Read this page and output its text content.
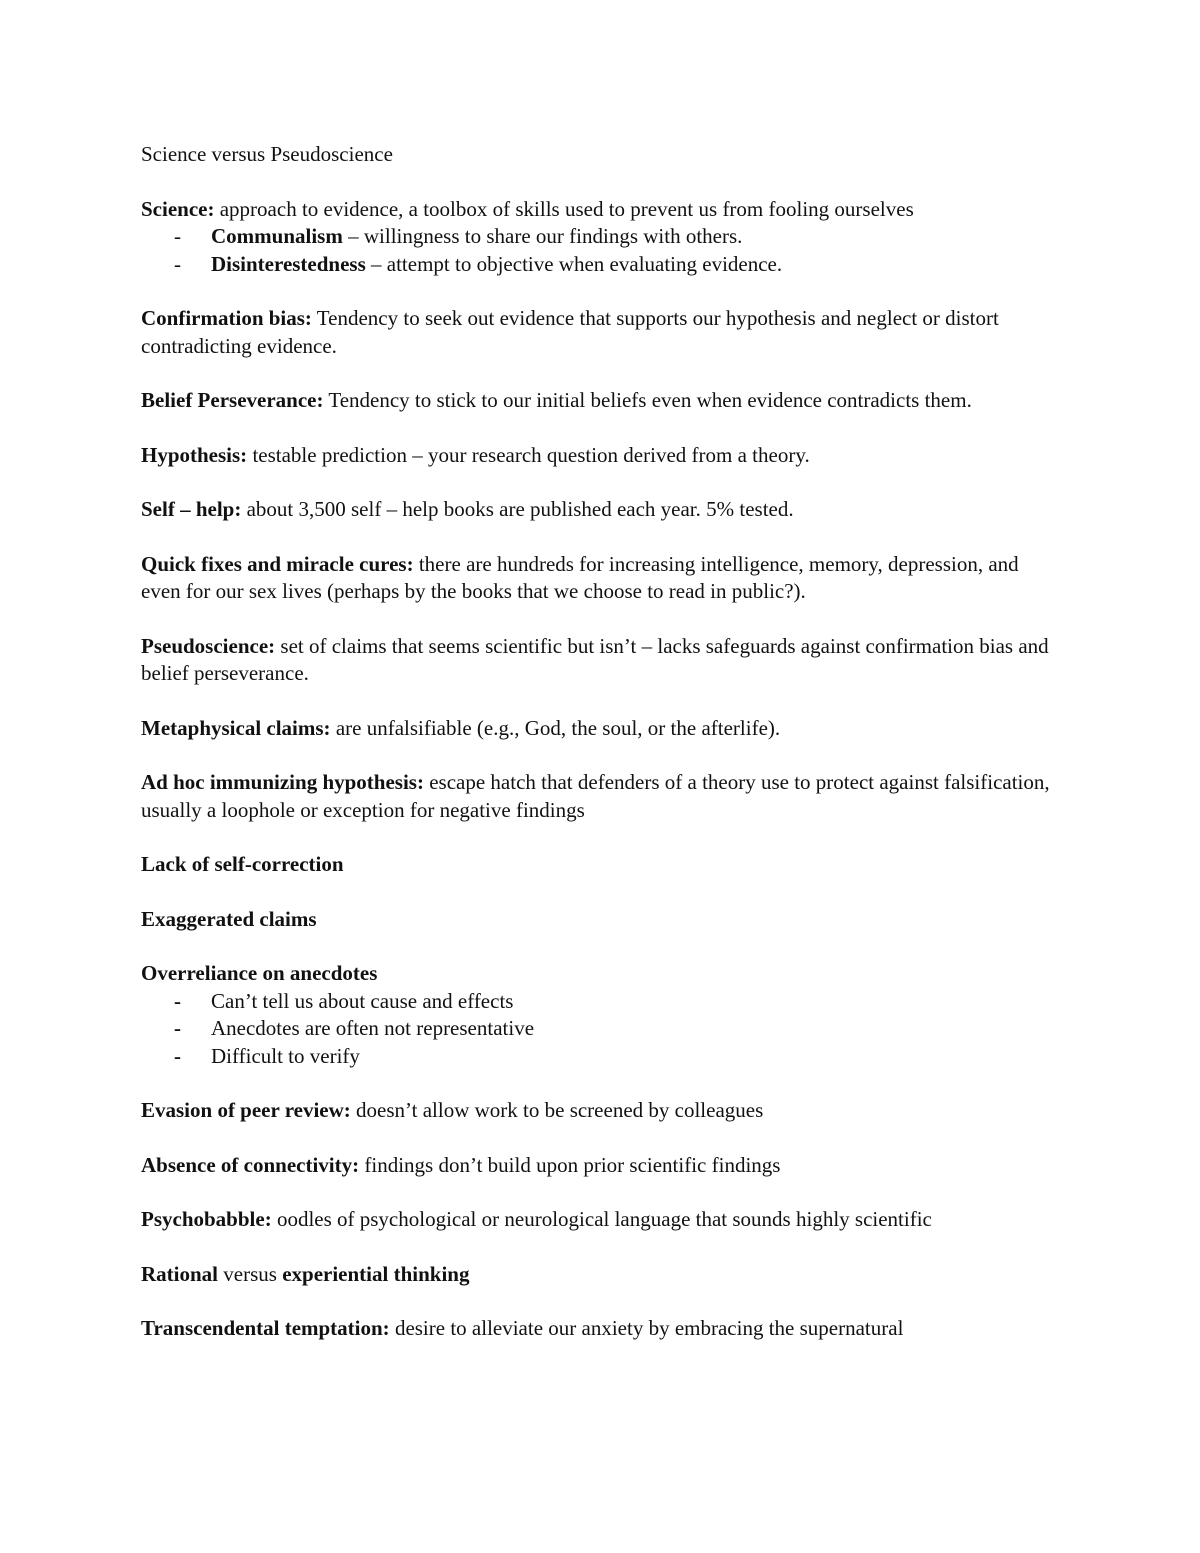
Science versus Pseudoscience

Science: approach to evidence, a toolbox of skills used to prevent us from fooling ourselves

- Communalism – willingness to share our findings with others.
- Disinterestedness – attempt to objective when evaluating evidence.

Confirmation bias: Tendency to seek out evidence that supports our hypothesis and neglect or distort contradicting evidence.

Belief Perseverance: Tendency to stick to our initial beliefs even when evidence contradicts them.

Hypothesis: testable prediction – your research question derived from a theory.

Self – help: about 3,500 self – help books are published each year. 5% tested.

Quick fixes and miracle cures: there are hundreds for increasing intelligence, memory, depression, and even for our sex lives (perhaps by the books that we choose to read in public?).

Pseudoscience: set of claims that seems scientific but isn’t – lacks safeguards against confirmation bias and belief perseverance.

Metaphysical claims: are unfalsifiable (e.g., God, the soul, or the afterlife).

Ad hoc immunizing hypothesis: escape hatch that defenders of a theory use to protect against falsification, usually a loophole or exception for negative findings

Lack of self-correction

Exaggerated claims

Overreliance on anecdotes

- Can’t tell us about cause and effects
- Anecdotes are often not representative
- Difficult to verify

Evasion of peer review: doesn’t allow work to be screened by colleagues

Absence of connectivity: findings don’t build upon prior scientific findings

Psychobabble: oodles of psychological or neurological language that sounds highly scientific

Rational versus experiential thinking

Transcendental temptation: desire to alleviate our anxiety by embracing the supernatural
